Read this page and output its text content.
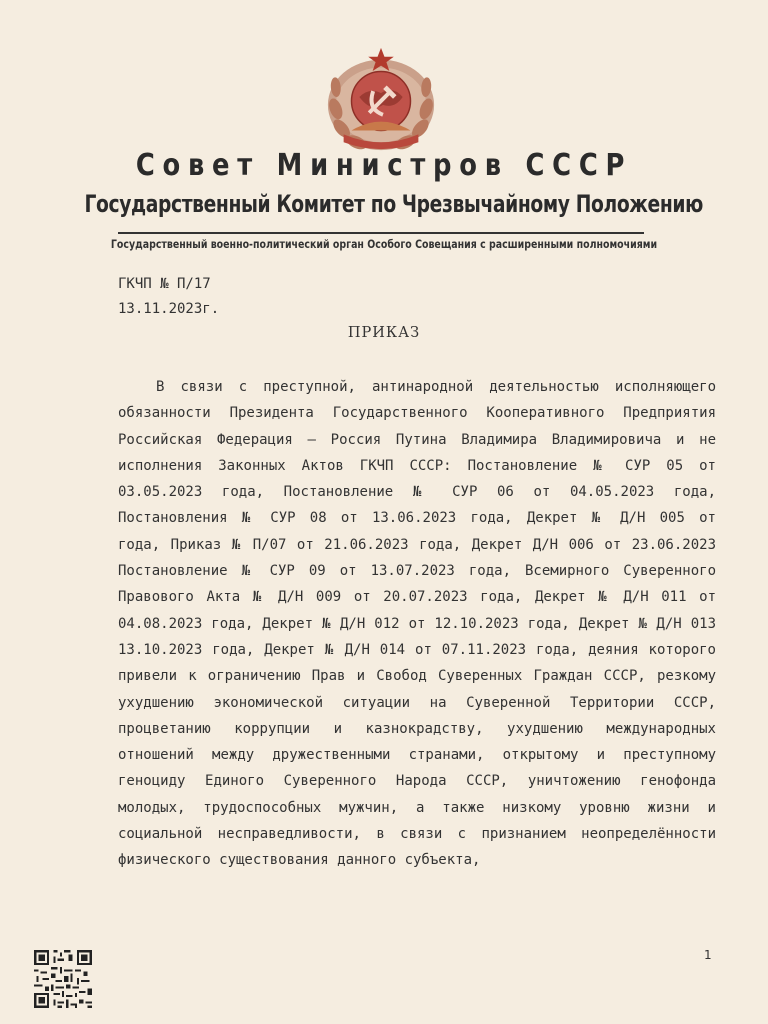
Совет Министров СССР
Государственный Комитет по Чрезвычайному Положению
Государственный военно-политический орган Особого Совещания с расширенными полномочиями
ГКЧП № П/17
13.11.2023г.
ПРИКАЗ
В связи с преступной, антинародной деятельностью исполняющего
обязанности Президента Государственного Кооперативного Предприятия
Российская Федерация – Россия Путина Владимира Владимировича и не
исполнения Законных Актов ГКЧП СССР: Постановление № СУР 05 от
03.05.2023 года, Постановление № СУР 06 от 04.05.2023 года,
Постановления № СУР 08 от 13.06.2023 года, Декрет № Д/Н 005 от
года, Приказ № П/07 от 21.06.2023 года, Декрет Д/Н 006 от 23.06.2023
Постановление № СУР 09 от 13.07.2023 года, Всемирного Суверенного
Правового Акта № Д/Н 009 от 20.07.2023 года, Декрет № Д/Н 011 от
04.08.2023 года, Декрет № Д/Н 012 от 12.10.2023 года, Декрет № Д/Н 013
13.10.2023 года, Декрет № Д/Н 014 от 07.11.2023 года, деяния которого
привели к ограничению Прав и Свобод Суверенных Граждан СССР, резкому
ухудшению экономической ситуации на Суверенной Территории СССР,
процветанию коррупции и казнокрадству, ухудшению международных
отношений между дружественными странами, открытому и преступному
геноциду Единого Суверенного Народа СССР, уничтожению генофонда
молодых, трудоспособных мужчин, а также низкому уровню жизни и
социальной несправедливости, в связи с признанием неопределённости
физического существования данного субъекта,
1
